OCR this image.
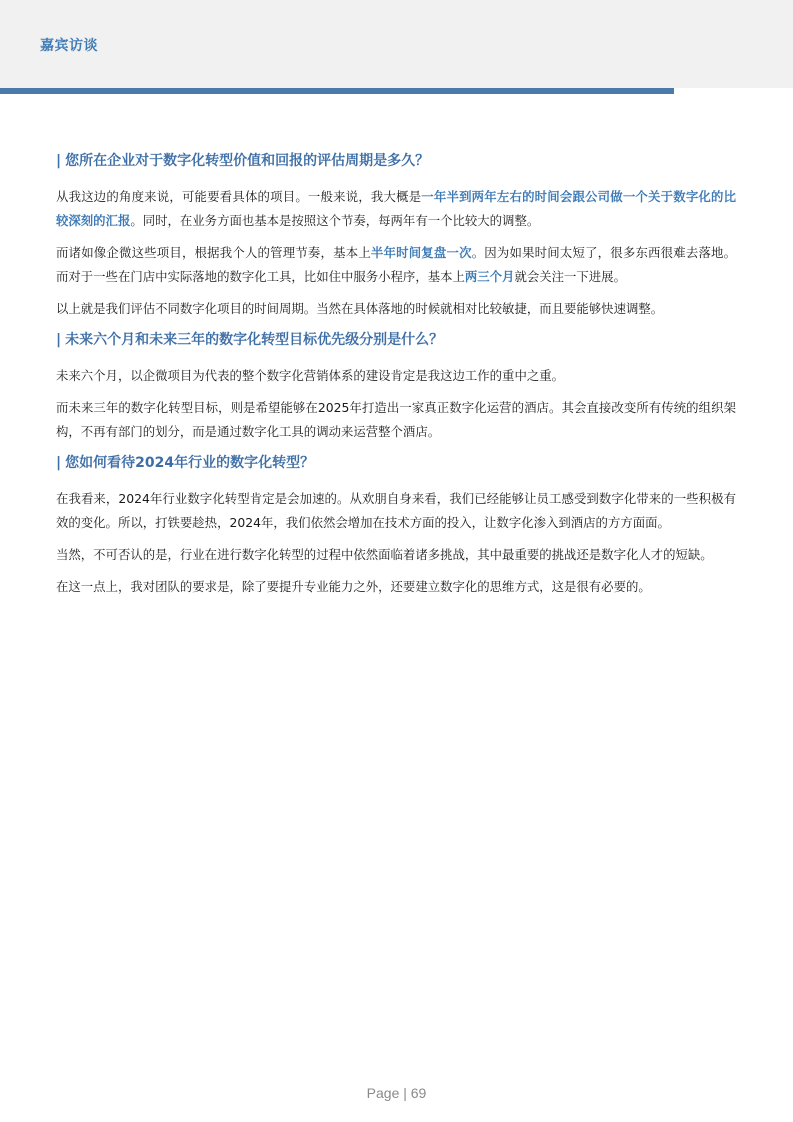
嘉宾访谈
| 您所在企业对于数字化转型价值和回报的评估周期是多久？

从我这边的角度来说，可能要看具体的项目。一般来说，我大概是一年半到两年左右的时间会跟公司做一个关于数字化的比较深刻的汇报。同时，在业务方面也基本是按照这个节奏，每两年有一个比较大的调整。

而诸如像企微这些项目，根据我个人的管理节奏，基本上半年时间复盘一次。因为如果时间太短了，很多东西很难去落地。而对于一些在门店中实际落地的数字化工具，比如住中服务小程序，基本上两三个月就会关注一下进展。

以上就是我们评估不同数字化项目的时间周期。当然在具体落地的时候就相对比较敏捷，而且要能够快速调整。

| 未来六个月和未来三年的数字化转型目标优先级分别是什么？

未来六个月，以企微项目为代表的整个数字化营销体系的建设肯定是我这边工作的重中之重。

而未来三年的数字化转型目标，则是希望能够在2025年打造出一家真正数字化运营的酒店。其会直接改变所有传统的组织架构，不再有部门的划分，而是通过数字化工具的调动来运营整个酒店。

| 您如何看待2024年行业的数字化转型？

在我看来，2024年行业数字化转型肯定是会加速的。从欢朋自身来看，我们已经能够让员工感受到数字化带来的一些积极有效的变化。所以，打铁要趁热，2024年，我们依然会增加在技术方面的投入，让数字化渗入到酒店的方方面面。

当然，不可否认的是，行业在进行数字化转型的过程中依然面临着诸多挑战，其中最重要的挑战还是数字化人才的短缺。

在这一点上，我对团队的要求是，除了要提升专业能力之外，还要建立数字化的思维方式，这是很有必要的。

Page | 69
